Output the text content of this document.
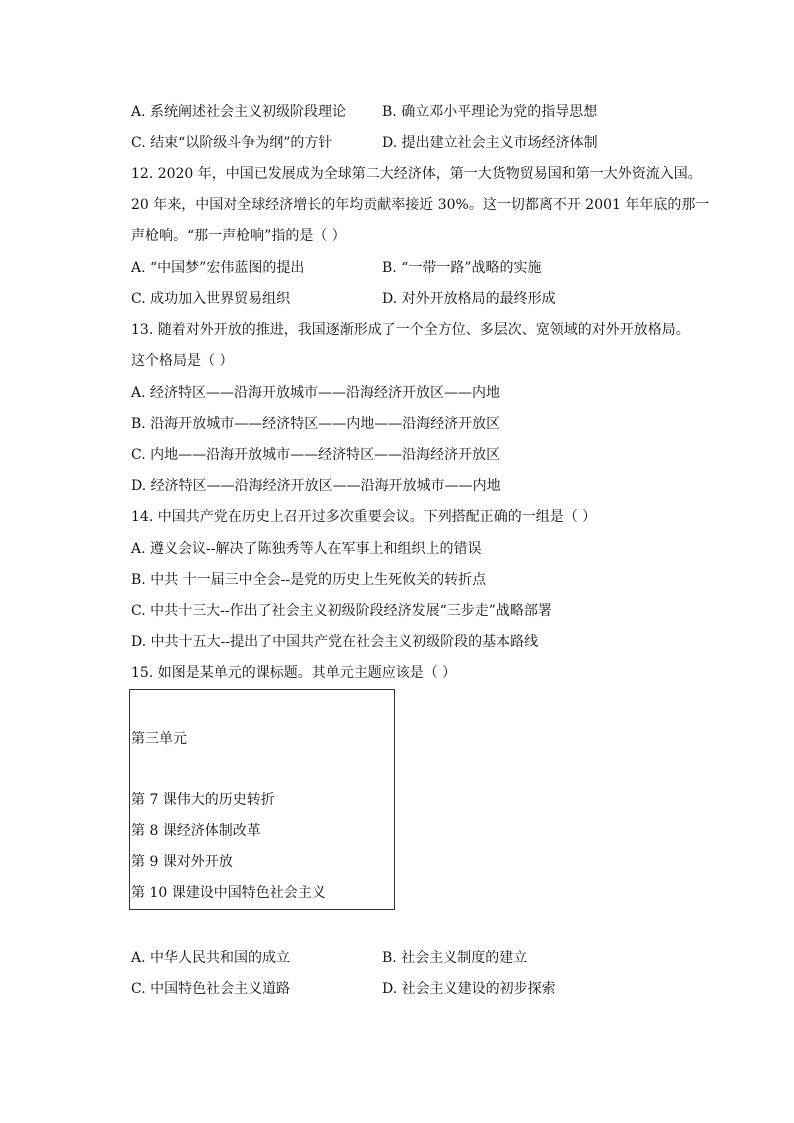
A. 系统阐述社会主义初级阶段理论	B. 确立邓小平理论为党的指导思想
C. 结束“以阶级斗争为纲”的方针	D. 提出建立社会主义市场经济体制
12. 2020 年，中国已发展成为全球第二大经济体，第一大货物贸易国和第一大外资流入国。
20 年来，中国对全球经济增长的年均贡献率接近 30%。这一切都离不开 2001 年年底的那一
声枪响。“那一声枪响”指的是（ ）
A. “中国梦”宏伟蓝图的提出	B. “一带一路”战略的实施
C. 成功加入世界贸易组织	D. 对外开放格局的最终形成
13. 随着对外开放的推进，我国逐渐形成了一个全方位、多层次、宽领域的对外开放格局。
这个格局是（ ）
A. 经济特区——沿海开放城市——沿海经济开放区——内地
B. 沿海开放城市——经济特区——内地——沿海经济开放区
C. 内地——沿海开放城市——经济特区——沿海经济开放区
D. 经济特区——沿海经济开放区——沿海开放城市——内地
14. 中国共产党在历史上召开过多次重要会议。下列搭配正确的一组是（ ）
A. 遵义会议--解决了陈独秀等人在军事上和组织上的错误
B. 中共 十一届三中全会--是党的历史上生死攸关的转折点
C. 中共十三大--作出了社会主义初级阶段经济发展“三步走”战略部署
D. 中共十五大--提出了中国共产党在社会主义初级阶段的基本路线
15. 如图是某单元的课标题。其单元主题应该是（ ）
第三单元
第 7 课伟大的历史转折
第 8 课经济体制改革
第 9 课对外开放
第 10 课建设中国特色社会主义
A. 中华人民共和国的成立	B. 社会主义制度的建立
C. 中国特色社会主义道路	D. 社会主义建设的初步探索
